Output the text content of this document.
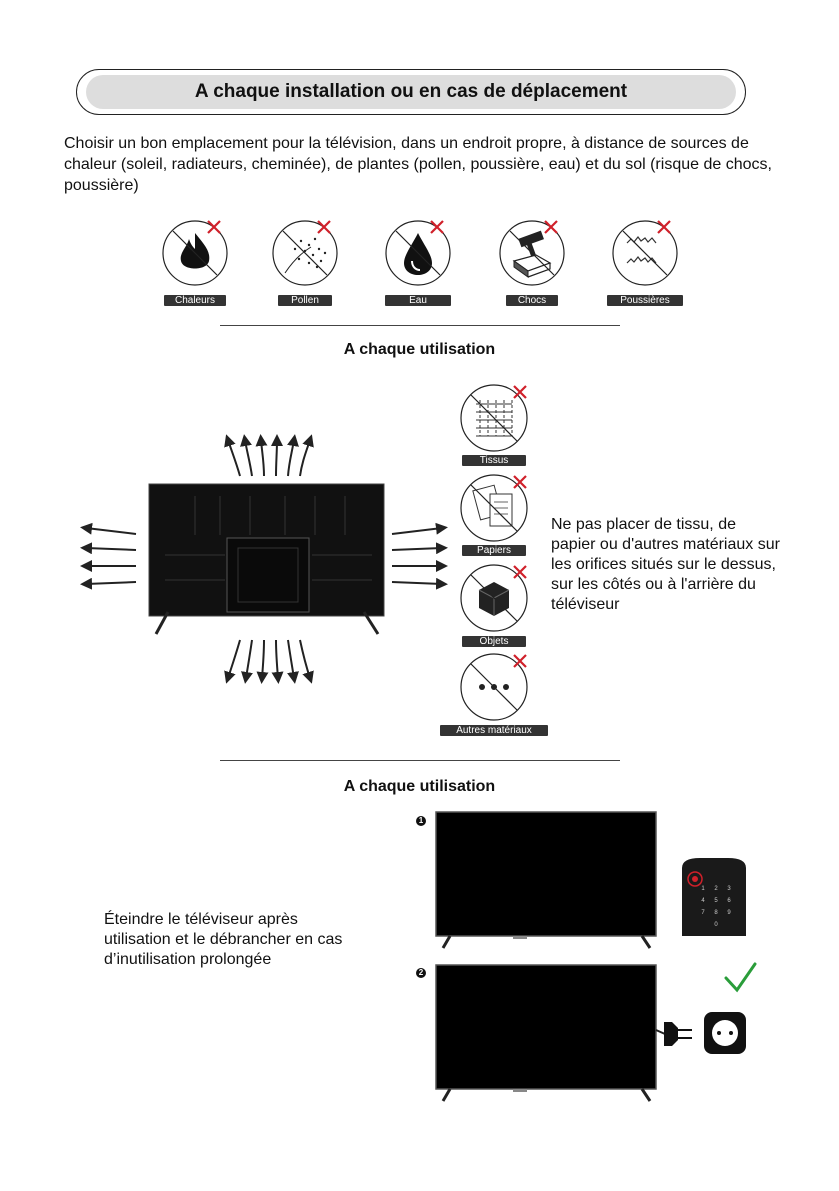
A chaque installation ou en cas de déplacement
Choisir un bon emplacement pour la télévision, dans un endroit propre, à distance de sources de chaleur (soleil, radiateurs, cheminée), de plantes (pollen, poussière, eau) et du sol (risque de chocs, poussière)
Chaleurs	Pollen	Eau	Chocs	Poussières
A chaque utilisation
Tissus
Papiers
Objets
Autres matériaux
Ne pas placer de tissu, de papier ou d'autres matériaux sur les orifices situés sur le dessus, sur les côtés ou à l'arrière du téléviseur
A chaque utilisation
Éteindre le téléviseur après utilisation et le débrancher en cas d’inutilisation prolongée
1
2
1 2 3
4 5 6
7 8 9
0
